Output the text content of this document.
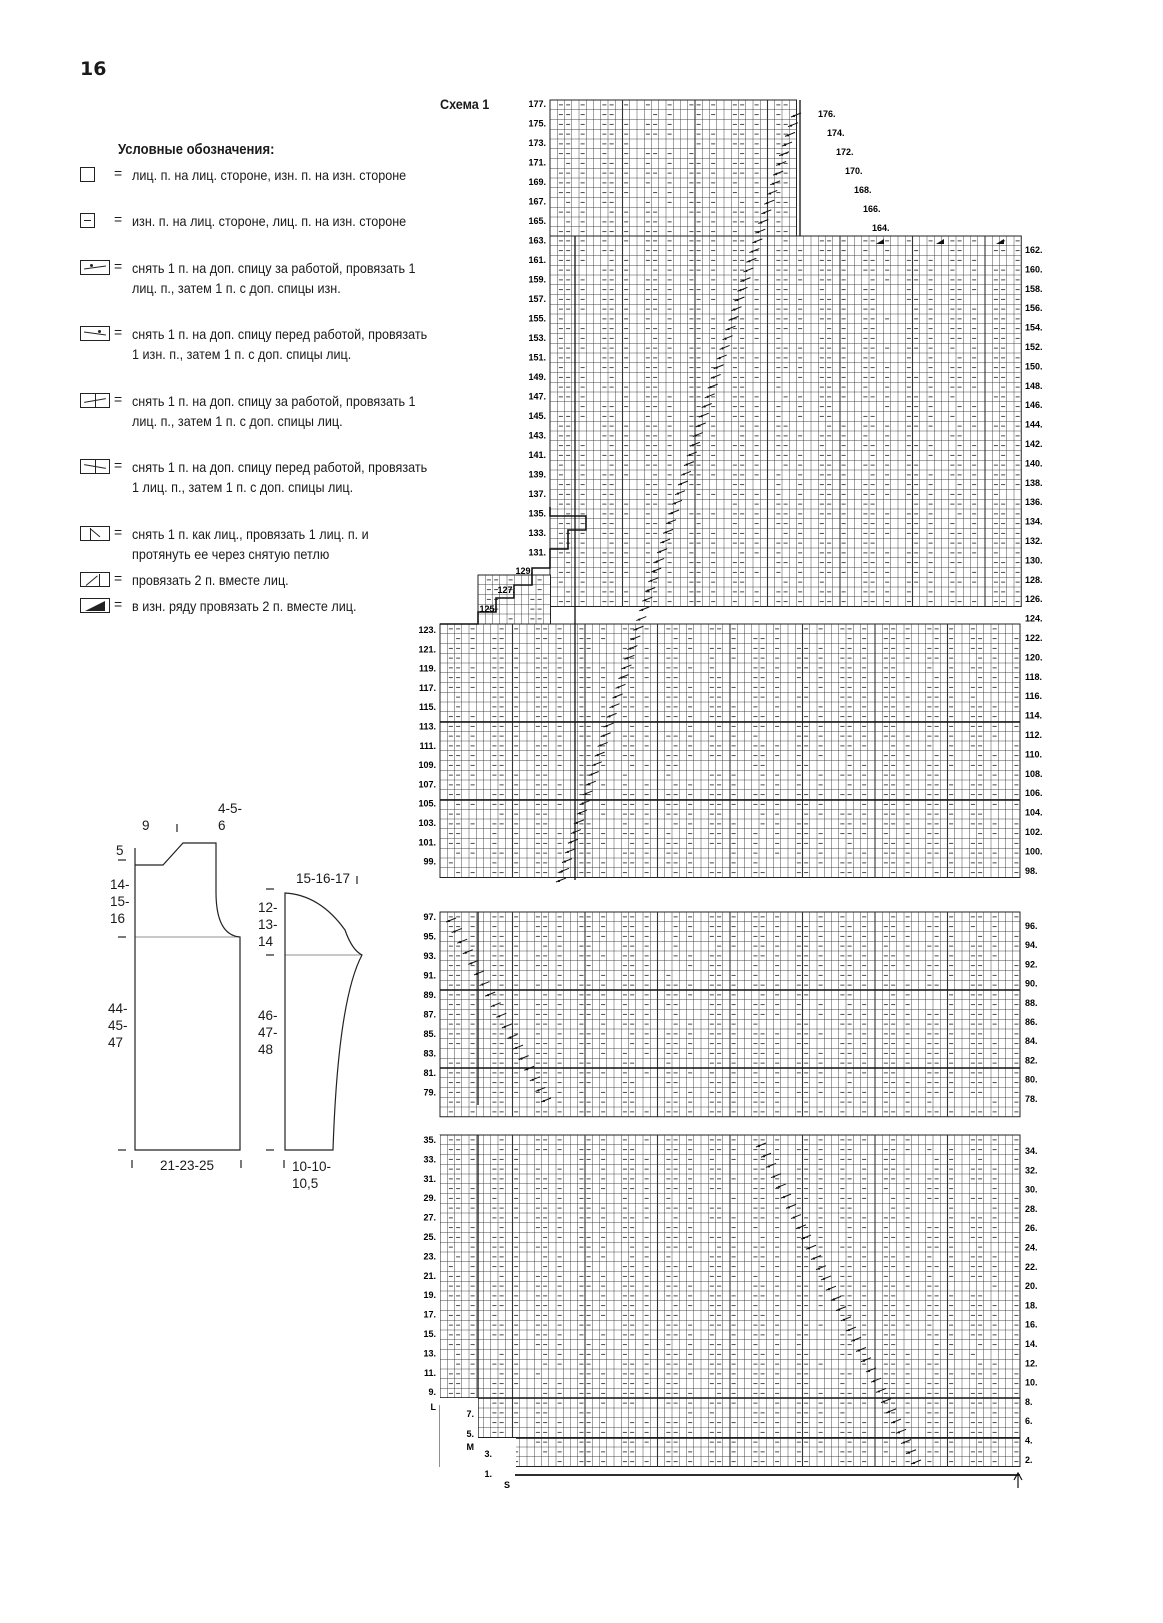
16
Условные обозначения:
= лиц. п. на лиц. стороне, изн. п. на изн. стороне
= изн. п. на лиц. стороне, лиц. п. на изн. стороне
= снять 1 п. на доп. спицу за работой, провязать 1 лиц. п., затем 1 п. с доп. спицы изн.
= снять 1 п. на доп. спицу перед работой, провязать 1 изн. п., затем 1 п. с доп. спицы лиц.
= снять 1 п. на доп. спицу за работой, провязать 1 лиц. п., затем 1 п. с доп. спицы лиц.
= снять 1 п. на доп. спицу перед работой, провязать 1 лиц. п., затем 1 п. с доп. спицы лиц.
= снять 1 п. как лиц., провязать 1 лиц. п. и протянуть ее через снятую петлю
= провязать 2 п. вместе лиц.
= в изн. ряду провязать 2 п. вместе лиц.
Схема 1
9
4-5-
6
5
14-
15-
16
44-
45-
47
21-23-25
15-16-17
12-
13-
14
46-
47-
48
10-10-
10,5
177.
175.
173.
171.
169.
167.
165.
163.
161.
159.
157.
155.
153.
151.
149.
147.
145.
143.
141.
139.
137.
135.
133.
131.
129.
127.
125.
123.
121.
119.
117.
115.
113.
111.
109.
107.
105.
103.
101.
99.
176.
174.
172.
170.
168.
166.
164.
162.
160.
158.
156.
154.
152.
150.
148.
146.
144.
142.
140.
138.
136.
134.
132.
130.
128.
126.
124.
122.
120.
118.
116.
114.
112.
110.
108.
106.
104.
102.
100.
98.
97.
95.
93.
91.
89.
87.
85.
83.
81.
79.
96.
94.
92.
90.
88.
86.
84.
82.
80.
78.
35.
33.
31.
29.
27.
25.
23.
21.
19.
17.
15.
13.
11.
9.
7.
5.
3.
1.
34.
32.
30.
28.
26.
24.
22.
20.
18.
16.
14.
12.
10.
8.
6.
4.
2.
L
M
S
